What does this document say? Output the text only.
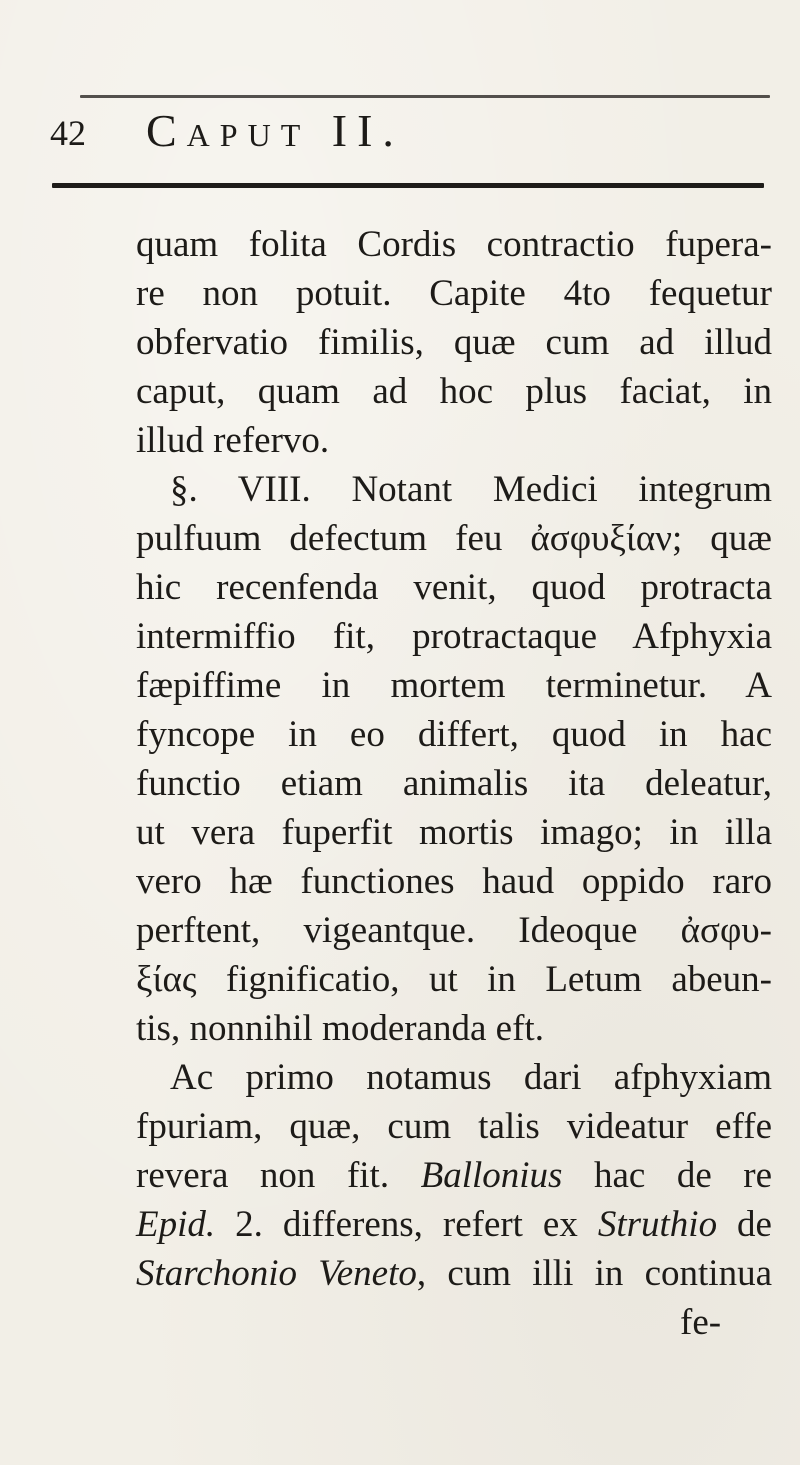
42 Caput II.
quam folita Cordis contractio fupera-
re non potuit. Capite 4to fequetur
obfervatio fimilis, quæ cum ad illud
caput, quam ad hoc plus faciat, in
illud refervo.
§. VIII. Notant Medici integrum
pulfuum defectum feu ἀσφυξίαν; quæ
hic recenfenda venit, quod protracta
intermiffio fit, protractaque Afphyxia
fæpiffime in mortem terminetur. A
fyncope in eo differt, quod in hac
functio etiam animalis ita deleatur,
ut vera fuperfit mortis imago; in illa
vero hæ functiones haud oppido raro
perftent, vigeantque. Ideoque ἀσφυ-
ξίας fignificatio, ut in Letum abeun-
tis, nonnihil moderanda eft.
Ac primo notamus dari afphyxiam
fpuriam, quæ, cum talis videatur effe
revera non fit. Ballonius hac de re
Epid. 2. differens, refert ex Struthio de
Starchonio Veneto, cum illi in continua
fe-
